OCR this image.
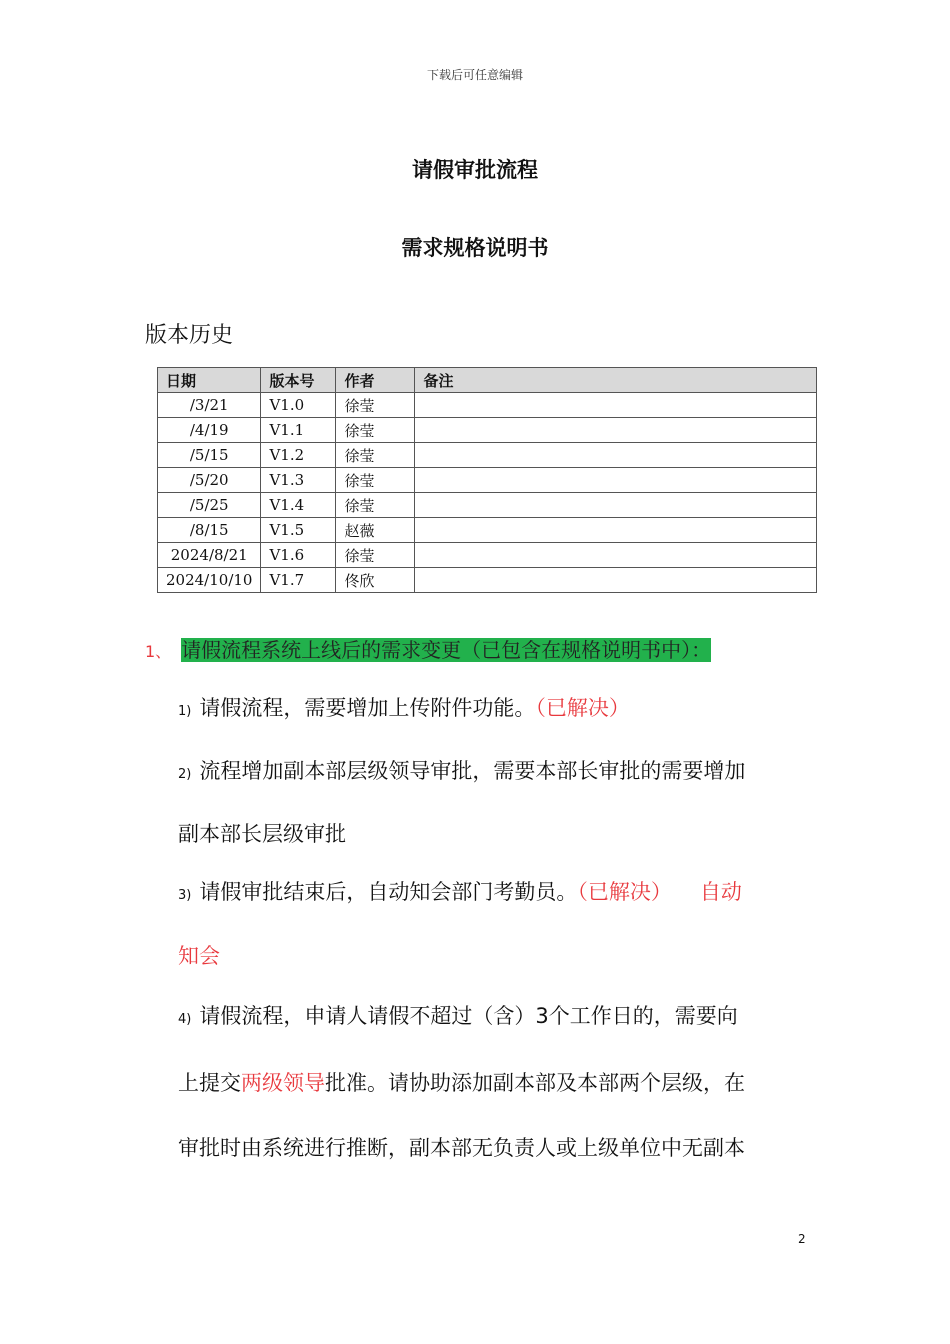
下载后可任意编辑
请假审批流程
需求规格说明书
版本历史
日期	版本号	作者	备注
/3/21	V1.0	徐莹	
/4/19	V1.1	徐莹	
/5/15	V1.2	徐莹	
/5/20	V1.3	徐莹	
/5/25	V1.4	徐莹	
/8/15	V1.5	赵薇	
2024/8/21	V1.6	徐莹	
2024/10/10	V1.7	佟欣	
1、 请假流程系统上线后的需求变更（已包含在规格说明书中）：
1) 请假流程，需要增加上传附件功能。（已解决）
2) 流程增加副本部层级领导审批，需要本部长审批的需要增加
副本部长层级审批
3) 请假审批结束后，自动知会部门考勤员。（已解决） 自动
知会
4) 请假流程，申请人请假不超过（含）3个工作日的，需要向
上提交两级领导批准。请协助添加副本部及本部两个层级，在
审批时由系统进行推断，副本部无负责人或上级单位中无副本
2
